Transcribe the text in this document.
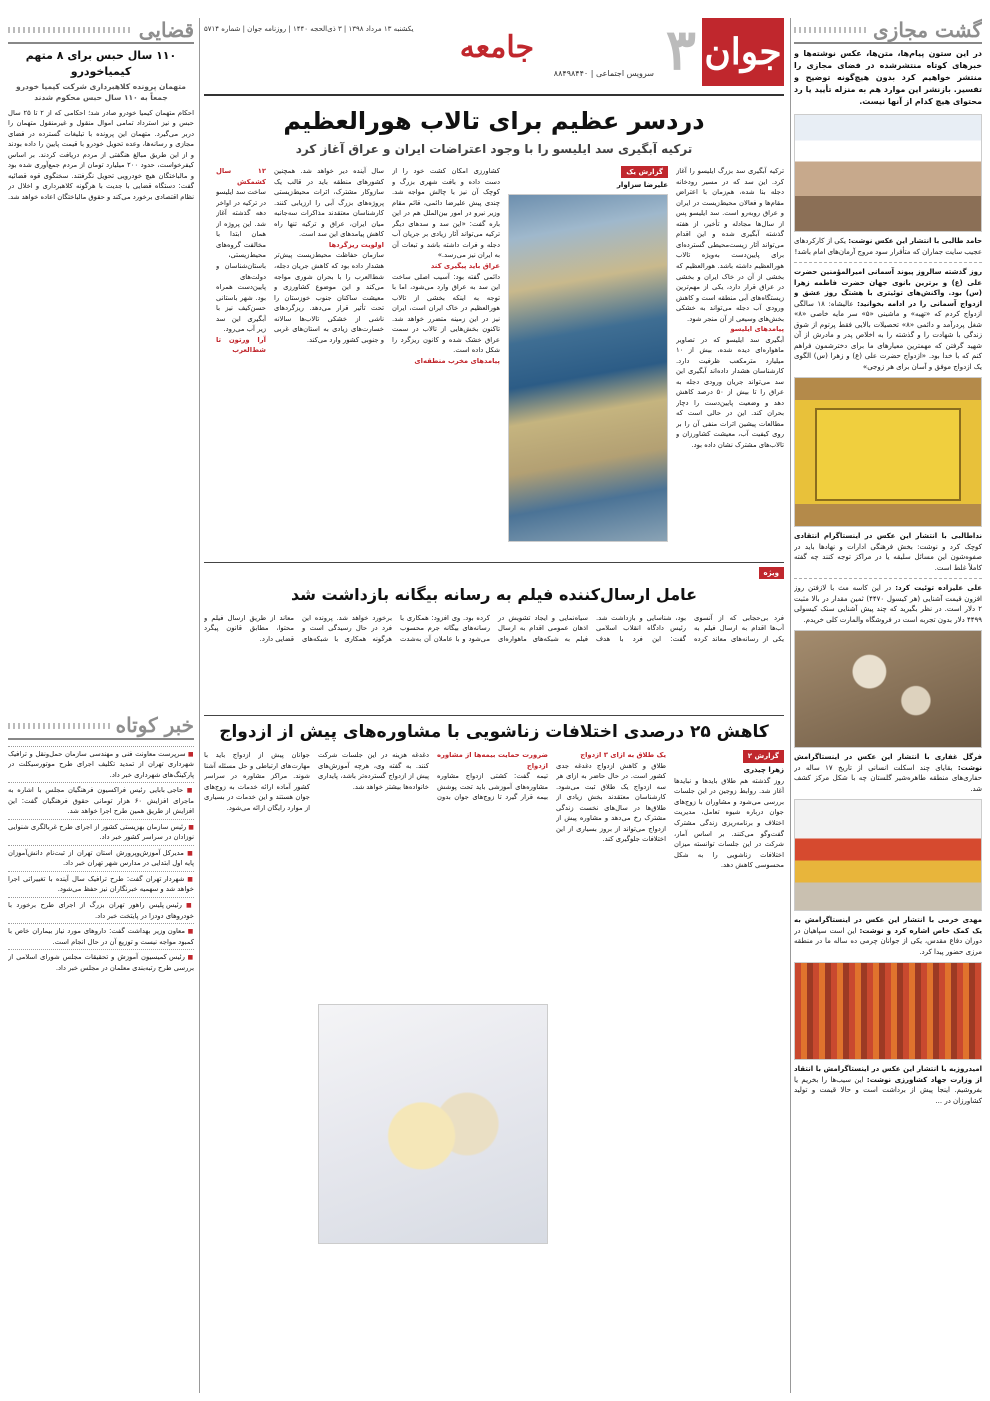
گشت مجازی

در این ستون پیام‌ها، متن‌ها، عکس نوشته‌ها و خبرهای کوتاه منتشرشده در فضای مجازی را منتشر خواهیم کرد بدون هیچ‌گونه توضیح و تفسیر. بازنشر این موارد هم به منزله تأیید یا رد محتوای هیچ کدام از آنها نیست.

حامد طالبی با انتشار این عکس نوشت: یکی از کارکردهای عجیب سایت جماران که متأ‌فرار سود مروج آرمان‌های امام باشد!

روز گذشته سالروز پیوند آسمانی امیرالمؤمنین حضرت علی (ع) و برترین بانوی جهان حضرت فاطمه زهرا (س) بود. واکنش‌های توئیتری با هشتگ روز عشق و ازدواج آسمانی را در ادامه بخوانید: عالیشاه: ۱۸ سالگی ازدواج کردم که «تهیه» و ماشینی «۵» سر مایه خاصی «۸» شغل پردرآمد و دائمی «۸» تحصیلات بالایی فقط پرتوم از شوق زندگی با شهادت را و گذشته را به اخلاص پدر و مادرش از آن شهید گرفتن که مهمترین معیارهای ما برای دخترشمون فراهم کنم که با خدا بود. «ازدواج حضرت علی (ع) و زهرا (س) الگوی یک ازدواج موفق و آسان برای هر زوجی»

نداطالبی با انتشار این عکس در اینستاگرام انتقادی کوچک کرد و نوشت: بخش فرهنگی ادارات و نهادها بايد در صفوه‌شون این مسائل سلیقه یا در مراکز توجه کنند چه گفته کاملاً غلط است.

علی علیزاده توئیت کرد: در این کاسه مث با لاز‌فتن روز افزون قیمت آشنایی (هر کیسول ۴۴۷۰) ثمین مقدار در بالا مثبت ۲ دلار است. در نظر بگیرید که چند پیش آشنایی سنک کیسولی ۴۴۹۹ دلار بدون تجربه است در فروشگاه والمارت کلی خریدم.

فرگل غفاری با انتشار این عکس در اینستاگرامش نوشت: بقایای چند اسکلت انسانی از تاریخ ۱۷ ساله در حفاری‌های منطقه طاهره‌شیر گلستان چه با شکل مرکز کشف شد.

مهدی خرمی با انتشار این عکس در اینستاگرامش به یک کمک خاص اشاره کرد و نوشت: این است سپاهیان در دوران دفاع مقدس، یکی از جوانان چرمی ده ساله ما در منطقه مرزی حضور پیدا کرد.

امیدروزبه با انتشار این عکس در اینستاگرامش با انتقاد از وزارت جهاد کشاورزی نوشت: این سیب‌ها را بخریم یا بفروشیم. اینجا پیش از برداشت است و حالا قیمت و تولید کشاورزان در ...

جوان
۳
جامعه
یکشنبه ۱۳ مرداد ۱۳۹۸ | ۳ ذی‌الحجه ۱۴۴۰ | روزنامه جوان | شماره ۵۷۱۴
سرویس اجتماعی | ۸۸۴۹۸۴۴۰
دردسر عظیم برای تالاب هورالعظیم

ترکیه آبگیری سد ایلیسو را با وجود اعتراضات ایران و عراق آغاز کرد

ترکیه آبگیری سد بزرگ ایلیسو را آغاز کرد. این سد که در مسیر رودخانه دجله بنا شده، هم‌زمان با اعتراض مقام‌ها و فعالان محیط‌زیست در ایران و عراق روبه‌رو است. سد ایلیسو پس از سال‌ها مجادله و تأخیر، از هفته گذشته آبگیری شده و این اقدام می‌تواند آثار زیست‌محیطی گسترده‌ای برای پایین‌دست به‌ویژه تالاب هورالعظیم داشته باشد. هورالعظیم که بخشی از آن در خاک ایران و بخشی در عراق قرار دارد، یکی از مهم‌ترین زیستگاه‌های آبی منطقه است و کاهش ورودی آب دجله می‌تواند به خشکی بخش‌های وسیعی از آن منجر شود.
پیامدهای ایلیسو
آبگیری سد ایلیسو که در تصاویر ماهواره‌ای دیده شده، بیش از ۱۰ میلیارد مترمکعب ظرفیت دارد. کارشناسان هشدار داده‌اند آبگیری این سد می‌تواند جریان ورودی دجله به عراق را تا بیش از ۵۰ درصد کاهش دهد و وضعیت پایین‌دست را دچار بحران کند. این در حالی است که مطالعات پیشین اثرات منفی آن را بر روی کیفیت آب، معیشت کشاورزان و تالاب‌های مشترک نشان داده بود.
گزارش یک
علیرضا سزاوار
کشاورزی امکان کشت خود را از دست داده و بافت شهری بزرگ و کوچک آن نیز با چالش مواجه شد. چندی پیش علیرضا دائمی، قائم مقام وزیر نیرو در امور بین‌الملل هم در این باره گفت: «این سد و سدهای دیگر ترکیه می‌تواند آثار زیادی بر جریان آب دجله و فرات داشته باشد و تبعات آن به ایران نیز می‌رسد.»
عراق باید پیگیری کند
دائمی گفته بود: آسیب اصلی ساخت این سد به عراق وارد می‌شود، اما با توجه به اینکه بخشی از تالاب هورالعظیم در خاک ایران است، ایران نیز در این زمینه متضرر خواهد شد. تاکنون بخش‌هایی از تالاب در سمت عراق خشک شده و کانون ریزگرد را شکل داده است.
پیامدهای مخرب منطقه‌ای
سال آینده دیر خواهد شد. همچنین کشورهای منطقه باید در قالب یک سازوکار مشترک، اثرات محیط‌زیستی پروژه‌های بزرگ آبی را ارزیابی کنند. کارشناسان معتقدند مذاکرات سه‌جانبه میان ایران، عراق و ترکیه تنها راه کاهش پیامدهای این سد است.
اولویت ریزگردها
سازمان حفاظت محیط‌زیست پیش‌تر هشدار داده بود که کاهش جریان دجله، شط‌العرب را با بحران شوری مواجه می‌کند و این موضوع کشاورزی و معیشت ساکنان جنوب خوزستان را تحت تأثیر قرار می‌دهد. ریزگردهای ناشی از خشکی تالاب‌ها سالانه خسارت‌های زیادی به استان‌های غربی و جنوبی کشور وارد می‌کند.
۱۲ سال کشمکش
ساخت سد ایلیسو در ترکیه در اواخر دهه گذشته آغاز شد. این پروژه از همان ابتدا با مخالفت گروه‌های محیط‌زیستی، باستان‌شناسان و دولت‌های پایین‌دست همراه بود. شهر باستانی حسن‌کیف نیز با آبگیری این سد زیر آب می‌رود.
آرا ورتون تا شط‌العرب
ویژه
عامل ارسال‌کننده فیلم به رسانه بیگانه بازداشت شد
فرد بی‌حجابی که از آنسوی آب‌ها اقدام به ارسال فیلم به یکی از رسانه‌های معاند کرده بود، شناسایی و بازداشت شد. رئیس دادگاه انقلاب اسلامی گفت: این فرد با هدف سیاه‌نمایی و ایجاد تشویش در اذهان عمومی اقدام به ارسال فیلم به شبکه‌های ماهواره‌ای کرده بود. وی افزود: همکاری با رسانه‌های بیگانه جرم محسوب می‌شود و با عاملان آن به‌شدت برخورد خواهد شد. پرونده این فرد در حال رسیدگی است و هرگونه همکاری با شبکه‌های معاند از طریق ارسال فیلم و محتوا، مطابق قانون پیگرد قضایی دارد.
کاهش ۲۵ درصدی اختلافات زناشویی با مشاوره‌های پیش از ازدواج
گزارش ۲
زهرا چیذری
روز گذشته هم طلاق بایدها و نبایدها آغاز شد. روابط زوجین در این جلسات بررسی می‌شود و مشاوران با زوج‌های جوان درباره شیوه تعامل، مدیریت اختلاف و برنامه‌ریزی زندگی مشترک گفت‌وگو می‌کنند. بر اساس آمار، شرکت در این جلسات توانسته میزان اختلافات زناشویی را به شکل محسوسی کاهش دهد.
یک طلاق به ازای ۳ ازدواج
طلاق و کاهش ازدواج دغدغه جدی کشور است. در حال حاضر به ازای هر سه ازدواج یک طلاق ثبت می‌شود. کارشناسان معتقدند بخش زیادی از طلاق‌ها در سال‌های نخست زندگی مشترک رخ می‌دهد و مشاوره پیش از ازدواج می‌تواند از بروز بسیاری از این اختلافات جلوگیری کند.
ضرورت حمایت بیمه‌ها از مشاوره ازدواج
تیمه گفت: کشتی ازدواج مشاوره مشاوره‌های آموزشی باید تحت پوشش بیمه قرار گیرد تا زوج‌های جوان بدون دغدغه هزینه در این جلسات شرکت کنند. به گفته وی، هرچه آموزش‌های پیش از ازدواج گسترده‌تر باشد، پایداری خانواده‌ها بیشتر خواهد شد.
جوانان پیش از ازدواج باید با مهارت‌های ارتباطی و حل مسئله آشنا شوند. مراکز مشاوره در سراسر کشور آماده ارائه خدمات به زوج‌های جوان هستند و این خدمات در بسیاری از موارد رایگان ارائه می‌شود.
قضایی
۱۱۰ سال حبس برای ۸ متهم کیمیاخودرو
متهمان پرونده کلاهبرداری شرکت کیمیا خودرو جمعاً به ۱۱۰ سال حبس محکوم شدند
احکام متهمان کیمیا خودرو صادر شد؛ احکامی که از ۲ تا ۲۵ سال حبس و نیز استرداد تمامی اموال منقول و غیرمنقول متهمان را دربر می‌گیرد. متهمان این پرونده با تبلیغات گسترده در فضای مجازی و رسانه‌ها، وعده تحویل خودرو با قیمت پایین را داده بودند و از این طریق مبالغ هنگفتی از مردم دریافت کردند. بر اساس کیفرخواست، حدود ۲۰۰ میلیارد تومان از مردم جمع‌آوری شده بود و مالباختگان هیچ خودرویی تحویل نگرفتند. سخنگوی قوه قضائیه گفت: دستگاه قضایی با جدیت با هرگونه کلاهبرداری و اخلال در نظام اقتصادی برخورد می‌کند و حقوق مالباختگان اعاده خواهد شد.
خبر کوتاه

■ سرپرست معاونت فنی و مهندسی سازمان حمل‌ونقل و ترافیک شهرداری تهران از تمدید تکلیف اجرای طرح موتورسیکلت در پارکینگ‌های شهرداری خبر داد.

■ حاجی بابایی رئیس فراکسیون فرهنگیان مجلس با اشاره به ماجرای افزایش ۶۰ هزار تومانی حقوق فرهنگیان گفت: این افزایش از طریق همین طرح اجرا خواهد شد.

■ رئیس سازمان بهزیستی کشور از اجرای طرح غربالگری شنوایی نوزادان در سراسر کشور خبر داد.

■ مدیرکل آموزش‌وپرورش استان تهران از ثبت‌نام دانش‌آموزان پایه اول ابتدایی در مدارس شهر تهران خبر داد.

■ شهردار تهران گفت: طرح ترافیک سال آینده با تغییراتی اجرا خواهد شد و سهمیه خبرنگاران نیز حفظ می‌شود.

■ رئیس پلیس راهور تهران بزرگ از اجرای طرح برخورد با خودروهای دودزا در پایتخت خبر داد.

■ معاون وزیر بهداشت گفت: داروهای مورد نیاز بیماران خاص با کمبود مواجه نیست و توزیع آن در حال انجام است.

■ رئیس کمیسیون آموزش و تحقیقات مجلس شورای اسلامی از بررسی طرح رتبه‌بندی معلمان در مجلس خبر داد.
